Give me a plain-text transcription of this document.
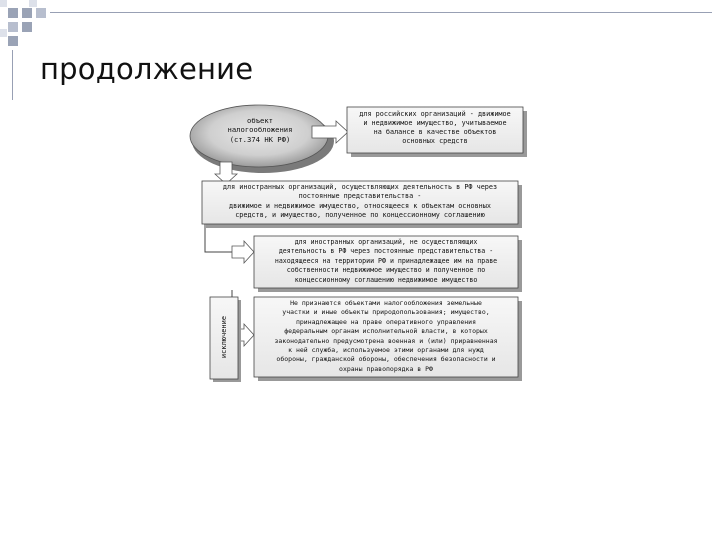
продолжение
объект
налогообложения
(ст.374 НК РФ)
для российских организаций - движимое
и недвижимое имущество, учитываемое
на балансе в качестве объектов
основных средств
для иностранных организаций, осуществляющих деятельность в РФ через
постоянные представительства -
движимое и недвижимое имущество, относящееся к объектам основных
средств, и имущество, полученное по концессионному соглашению
для иностранных организаций, не осуществляющих
деятельность в РФ через постоянные представительства -
находящееся на территории РФ и принадлежащее им на праве
собственности недвижимое имущество и полученное по
концессионному соглашению недвижимое имущество
исключение
Не признаются объектами налогообложения земельные
участки и иные объекты природопользования; имущество,
принадлежащее на праве оперативного управления
федеральным органам исполнительной власти, в которых
законодательно предусмотрена военная и (или) приравненная
к ней служба, используемое этими органами для нужд
обороны, гражданской обороны, обеспечения безопасности и
охраны правопорядка в РФ
